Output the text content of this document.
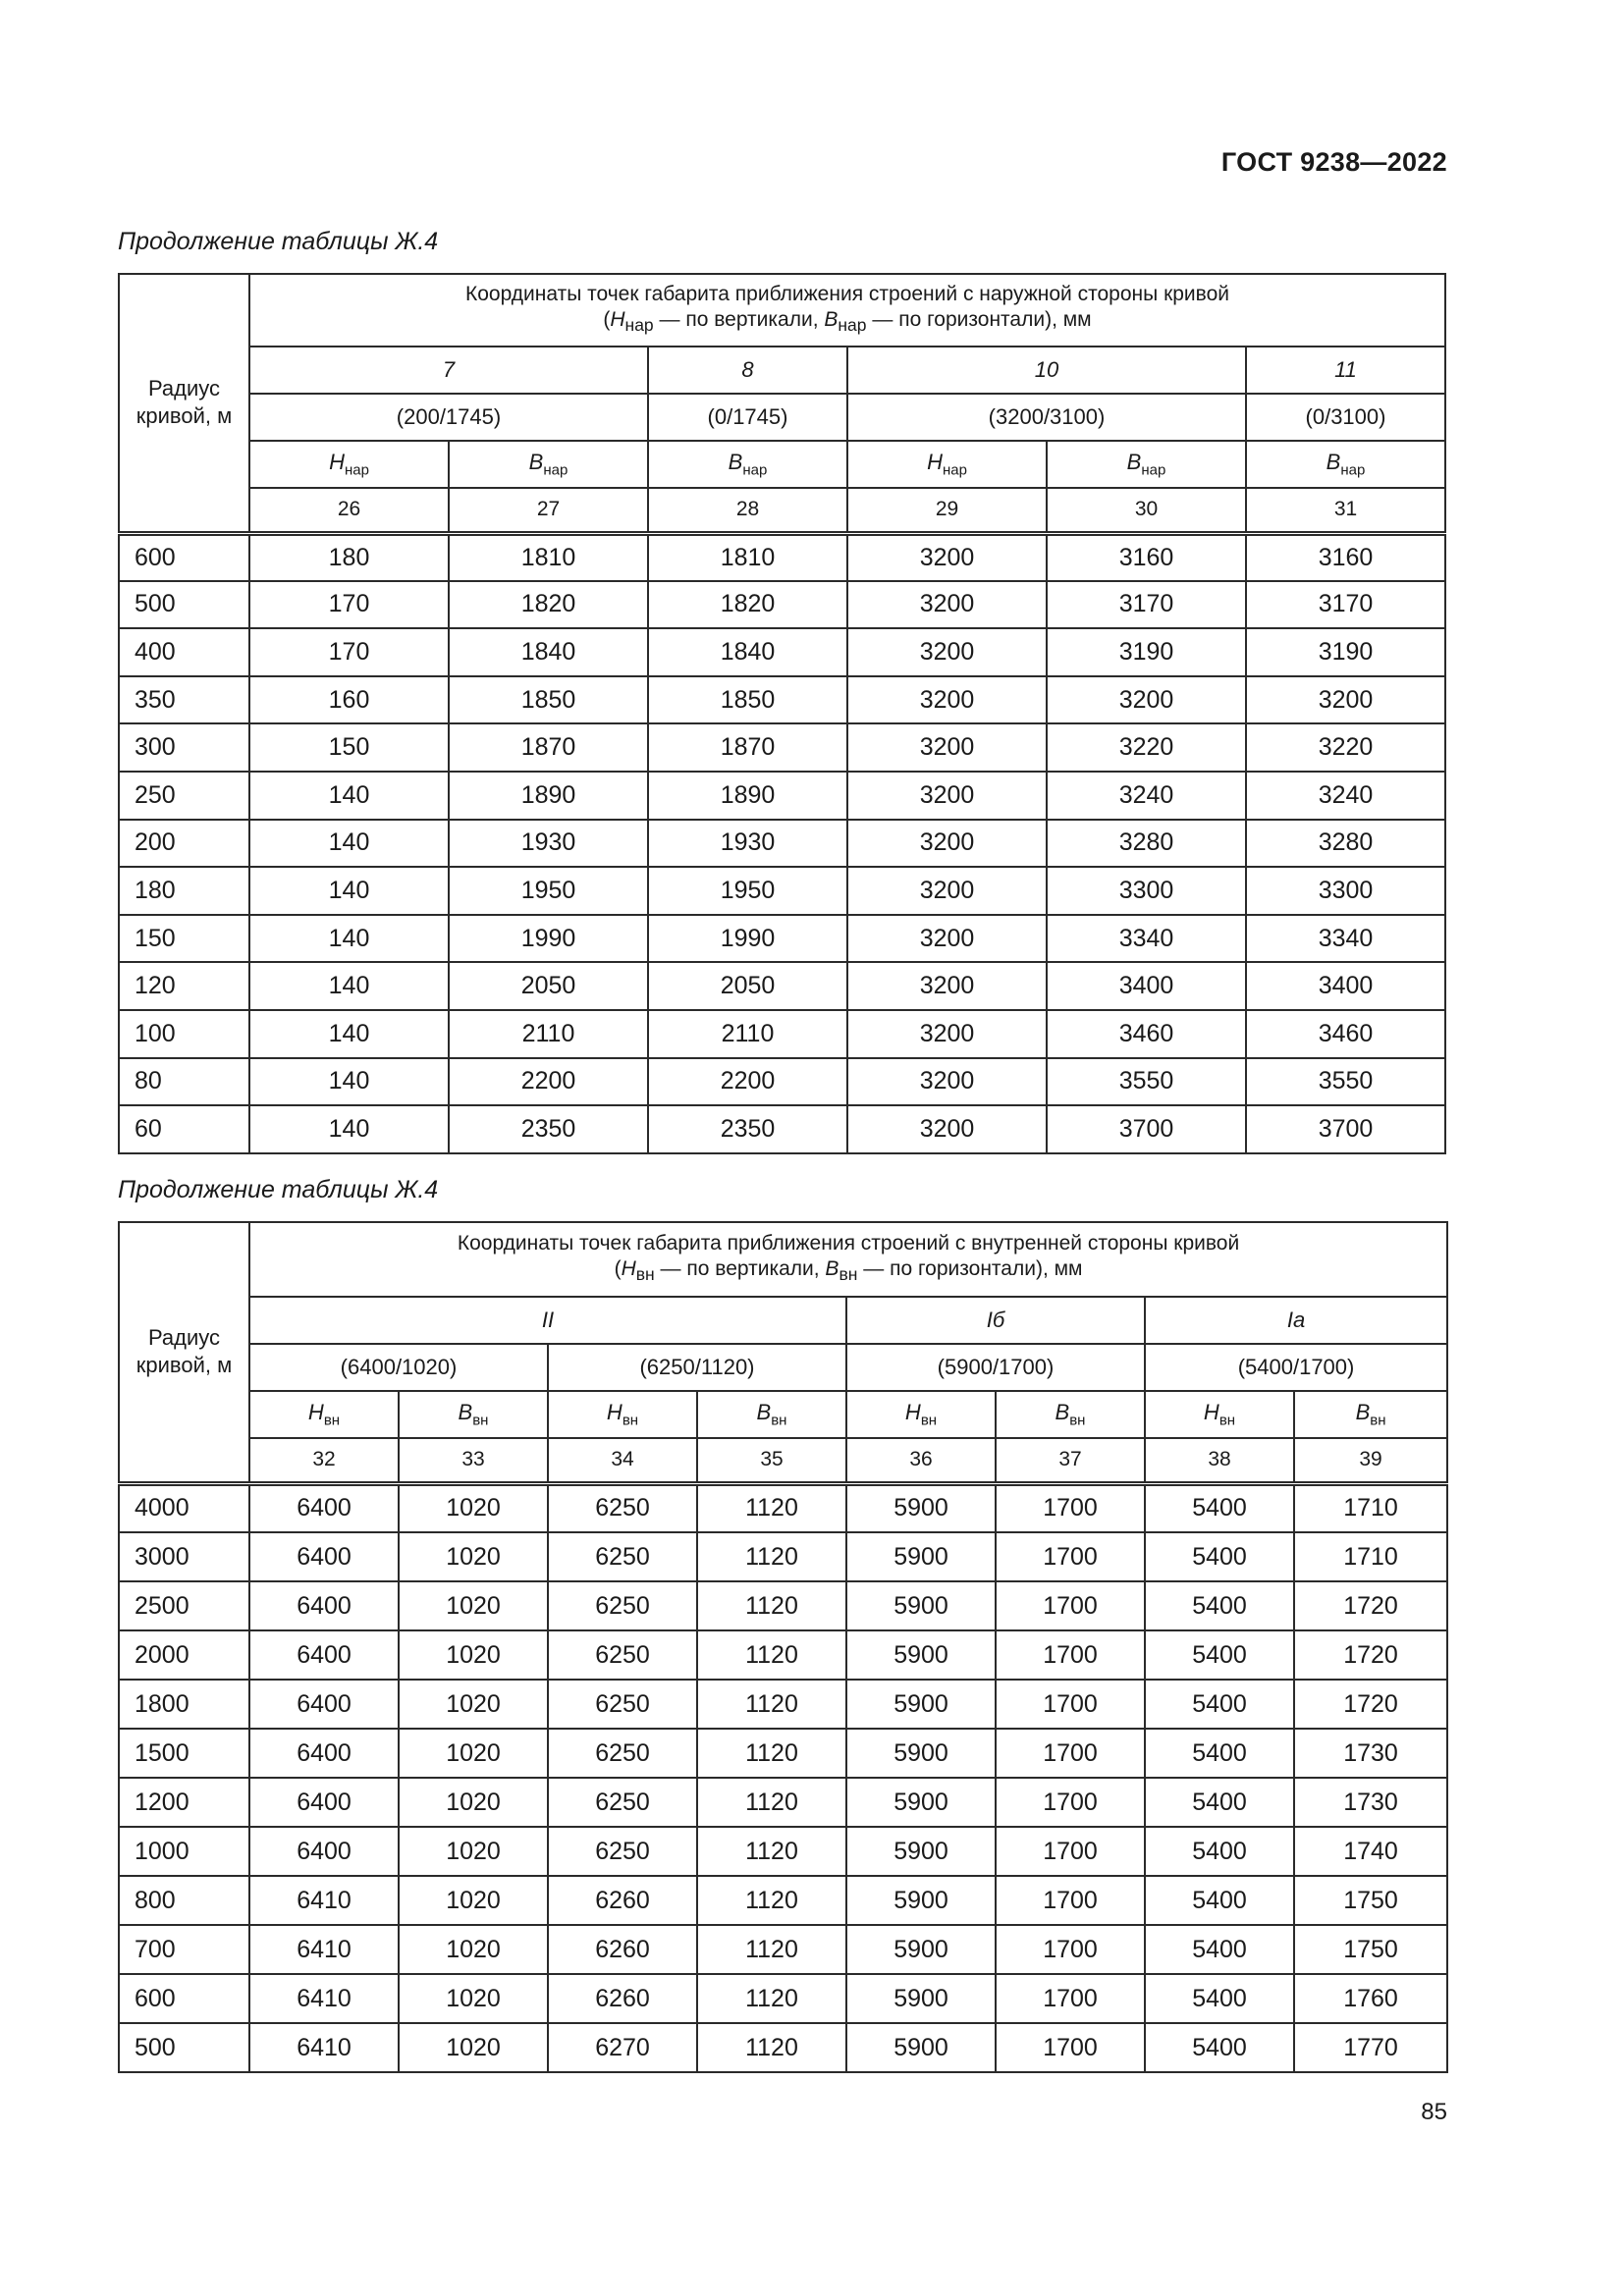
ГОСТ 9238—2022
Продолжение таблицы Ж.4
Радиус кривой, м	Координаты точек габарита приближения строений с наружной стороны кривой
($H_{нар}$ — по вертикали, $B_{нар}$ — по горизонтали), мм					
	7		8	10		11
	(200/1745)		(0/1745)	(3200/3100)		(0/3100)
	$H_{нар}$	$B_{нар}$	$B_{нар}$	$H_{нар}$	$B_{нар}$	$B_{нар}$
	26	27	28	29	30	31
600	180	1810	1810	3200	3160	3160
500	170	1820	1820	3200	3170	3170
400	170	1840	1840	3200	3190	3190
350	160	1850	1850	3200	3200	3200
300	150	1870	1870	3200	3220	3220
250	140	1890	1890	3200	3240	3240
200	140	1930	1930	3200	3280	3280
180	140	1950	1950	3200	3300	3300
150	140	1990	1990	3200	3340	3340
120	140	2050	2050	3200	3400	3400
100	140	2110	2110	3200	3460	3460
80	140	2200	2200	3200	3550	3550
60	140	2350	2350	3200	3700	3700
Продолжение таблицы Ж.4
Радиус кривой, м	Координаты точек габарита приближения строений с внутренней стороны кривой
($H_{вн}$ — по вертикали, $B_{вн}$ — по горизонтали), мм							
	II				Iб		Ia	
	(6400/1020)		(6250/1120)		(5900/1700)		(5400/1700)	
	$H_{вн}$	$B_{вн}$	$H_{вн}$	$B_{вн}$	$H_{вн}$	$B_{вн}$	$H_{вн}$	$B_{вн}$
	32	33	34	35	36	37	38	39
4000	6400	1020	6250	1120	5900	1700	5400	1710
3000	6400	1020	6250	1120	5900	1700	5400	1710
2500	6400	1020	6250	1120	5900	1700	5400	1720
2000	6400	1020	6250	1120	5900	1700	5400	1720
1800	6400	1020	6250	1120	5900	1700	5400	1720
1500	6400	1020	6250	1120	5900	1700	5400	1730
1200	6400	1020	6250	1120	5900	1700	5400	1730
1000	6400	1020	6250	1120	5900	1700	5400	1740
800	6410	1020	6260	1120	5900	1700	5400	1750
700	6410	1020	6260	1120	5900	1700	5400	1750
600	6410	1020	6260	1120	5900	1700	5400	1760
500	6410	1020	6270	1120	5900	1700	5400	1770
85
